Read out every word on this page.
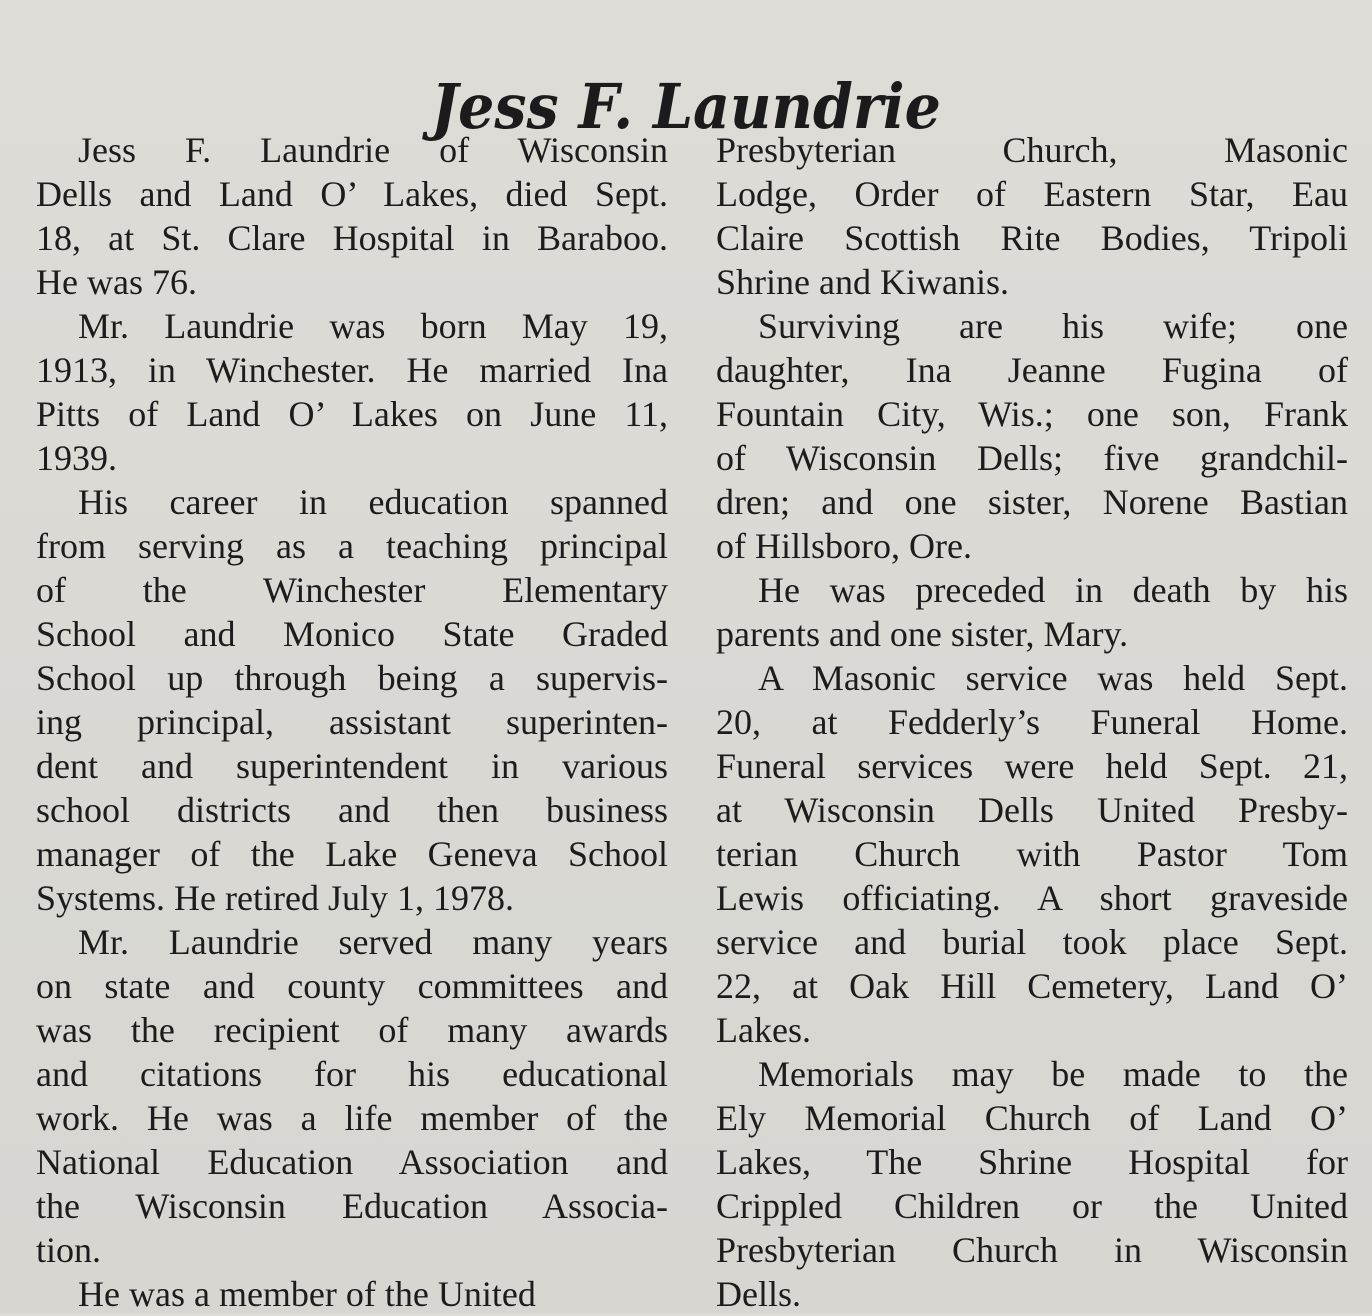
Jess F. Laundrie
Jess F. Laundrie of Wisconsin
Dells and Land O’ Lakes, died Sept.
18, at St. Clare Hospital in Baraboo.
He was 76.
Mr. Laundrie was born May 19,
1913, in Winchester. He married Ina
Pitts of Land O’ Lakes on June 11,
1939.
His career in education spanned
from serving as a teaching principal
of the Winchester Elementary
School and Monico State Graded
School up through being a supervis-
ing principal, assistant superinten-
dent and superintendent in various
school districts and then business
manager of the Lake Geneva School
Systems. He retired July 1, 1978.
Mr. Laundrie served many years
on state and county committees and
was the recipient of many awards
and citations for his educational
work. He was a life member of the
National Education Association and
the Wisconsin Education Associa-
tion.
He was a member of the United
Presbyterian Church, Masonic
Lodge, Order of Eastern Star, Eau
Claire Scottish Rite Bodies, Tripoli
Shrine and Kiwanis.
Surviving are his wife; one
daughter, Ina Jeanne Fugina of
Fountain City, Wis.; one son, Frank
of Wisconsin Dells; five grandchil-
dren; and one sister, Norene Bastian
of Hillsboro, Ore.
He was preceded in death by his
parents and one sister, Mary.
A Masonic service was held Sept.
20, at Fedderly’s Funeral Home.
Funeral services were held Sept. 21,
at Wisconsin Dells United Presby-
terian Church with Pastor Tom
Lewis officiating. A short graveside
service and burial took place Sept.
22, at Oak Hill Cemetery, Land O’
Lakes.
Memorials may be made to the
Ely Memorial Church of Land O’
Lakes, The Shrine Hospital for
Crippled Children or the United
Presbyterian Church in Wisconsin
Dells.
